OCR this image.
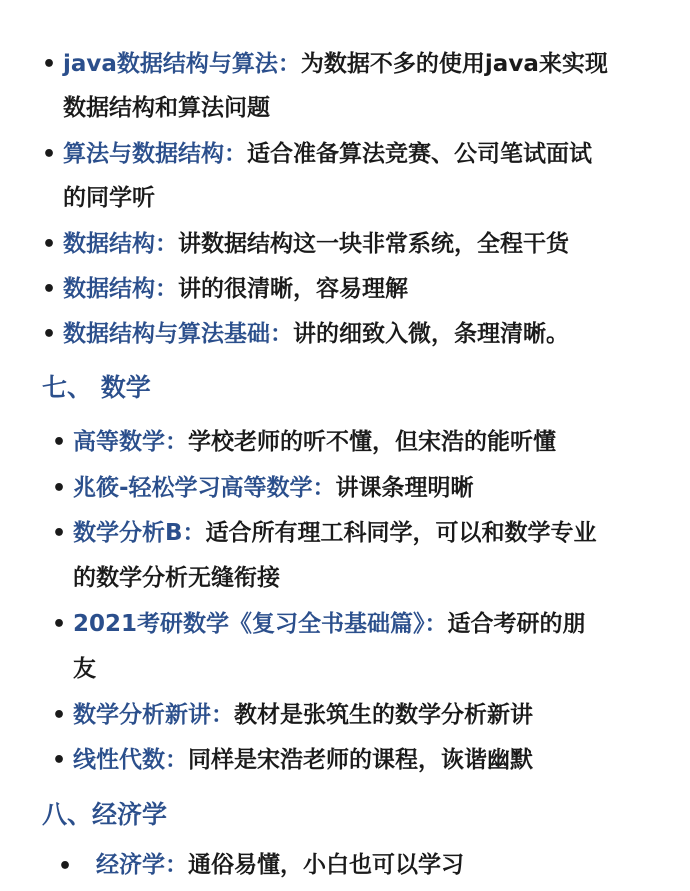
• java数据结构与算法：为数据不多的使用java来实现
数据结构和算法问题
• 算法与数据结构：适合准备算法竞赛、公司笔试面试
的同学听
• 数据结构：讲数据结构这一块非常系统，全程干货
• 数据结构：讲的很清晰，容易理解
• 数据结构与算法基础：讲的细致入微，条理清晰。
七、 数学
• 高等数学：学校老师的听不懂，但宋浩的能听懂
• 兆筱-轻松学习高等数学：讲课条理明晰
• 数学分析B：适合所有理工科同学，可以和数学专业
的数学分析无缝衔接
• 2021考研数学《复习全书基础篇》：适合考研的朋
友
• 数学分析新讲：教材是张筑生的数学分析新讲
• 线性代数：同样是宋浩老师的课程，诙谐幽默
八、经济学
• 经济学：通俗易懂，小白也可以学习
